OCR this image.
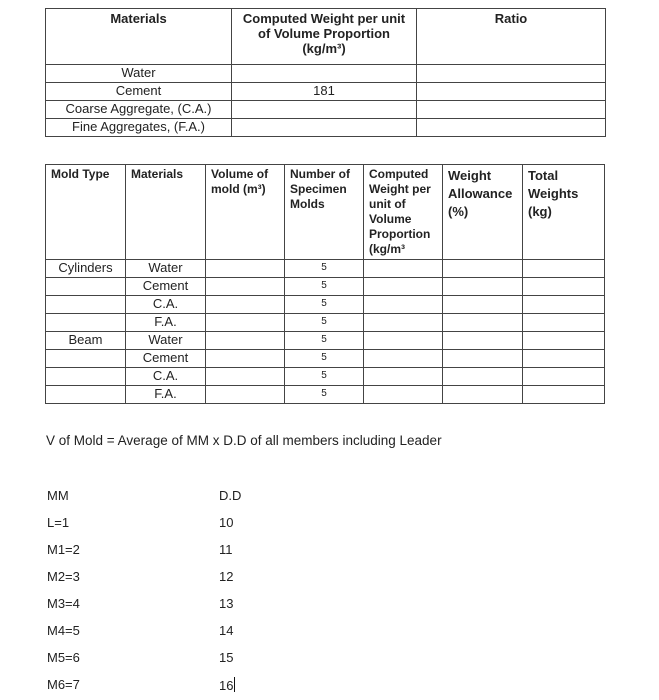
Materials	Computed Weight per unit of Volume Proportion (kg/m³)	Ratio
Water		
Cement	181	
Coarse Aggregate, (C.A.)		
Fine Aggregates, (F.A.)		
Mold Type	Materials	Volume of mold (m³)	Number of Specimen Molds	Computed Weight per unit of Volume Proportion (kg/m³	Weight Allowance (%)	Total Weights (kg)
Cylinders	Water		5			
	Cement		5			
	C.A.		5			
	F.A.		5			
Beam	Water		5			
	Cement		5			
	C.A.		5			
	F.A.		5			
V of Mold = Average of MM x D.D of all members including Leader
MM	D.D
L=1	10
M1=2	11
M2=3	12
M3=4	13
M4=5	14
M5=6	15
M6=7	16
